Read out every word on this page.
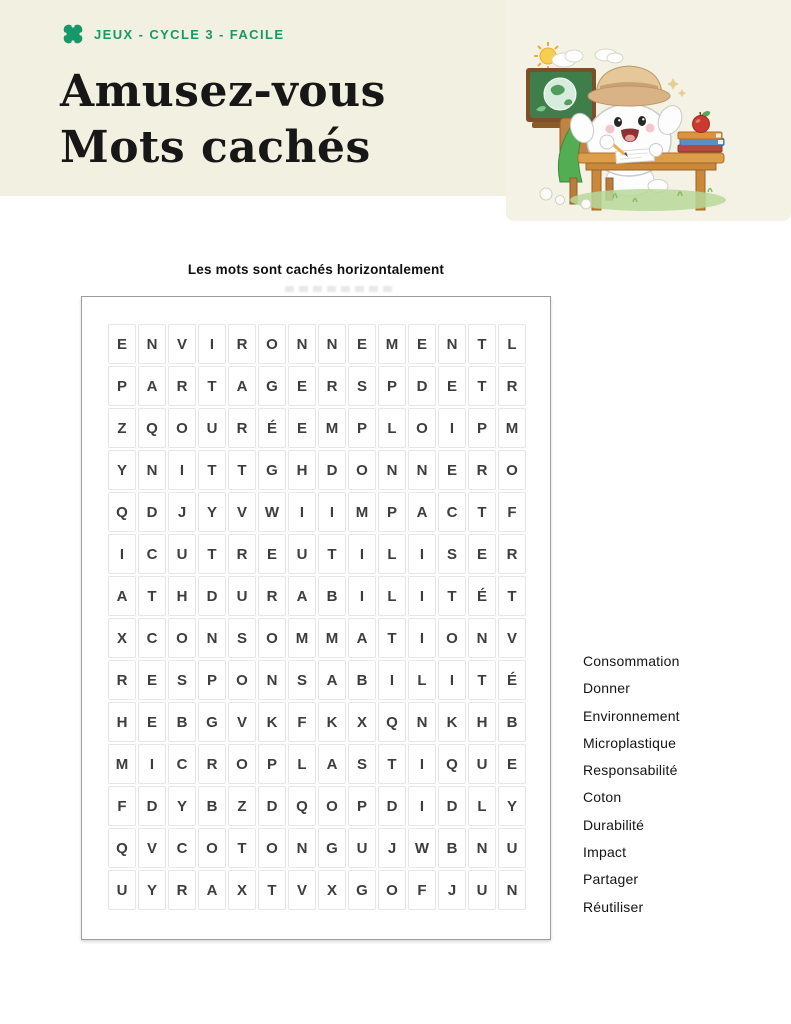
JEUX - CYCLE 3 - FACILE
Amusez-vous
Mots cachés
Les mots sont cachés horizontalement
E	N	V	I	R	O	N	N	E	M	E	N	T	L
P	A	R	T	A	G	E	R	S	P	D	E	T	R
Z	Q	O	U	R	É	E	M	P	L	O	I	P	M
Y	N	I	T	T	G	H	D	O	N	N	E	R	O
Q	D	J	Y	V	W	I	I	M	P	A	C	T	F
I	C	U	T	R	E	U	T	I	L	I	S	E	R
A	T	H	D	U	R	A	B	I	L	I	T	É	T
X	C	O	N	S	O	M	M	A	T	I	O	N	V
R	E	S	P	O	N	S	A	B	I	L	I	T	É
H	E	B	G	V	K	F	K	X	Q	N	K	H	B
M	I	C	R	O	P	L	A	S	T	I	Q	U	E
F	D	Y	B	Z	D	Q	O	P	D	I	D	L	Y
Q	V	C	O	T	O	N	G	U	J	W	B	N	U
U	Y	R	A	X	T	V	X	G	O	F	J	U	N
Consommation
Donner
Environnement
Microplastique
Responsabilité
Coton
Durabilité
Impact
Partager
Réutiliser
